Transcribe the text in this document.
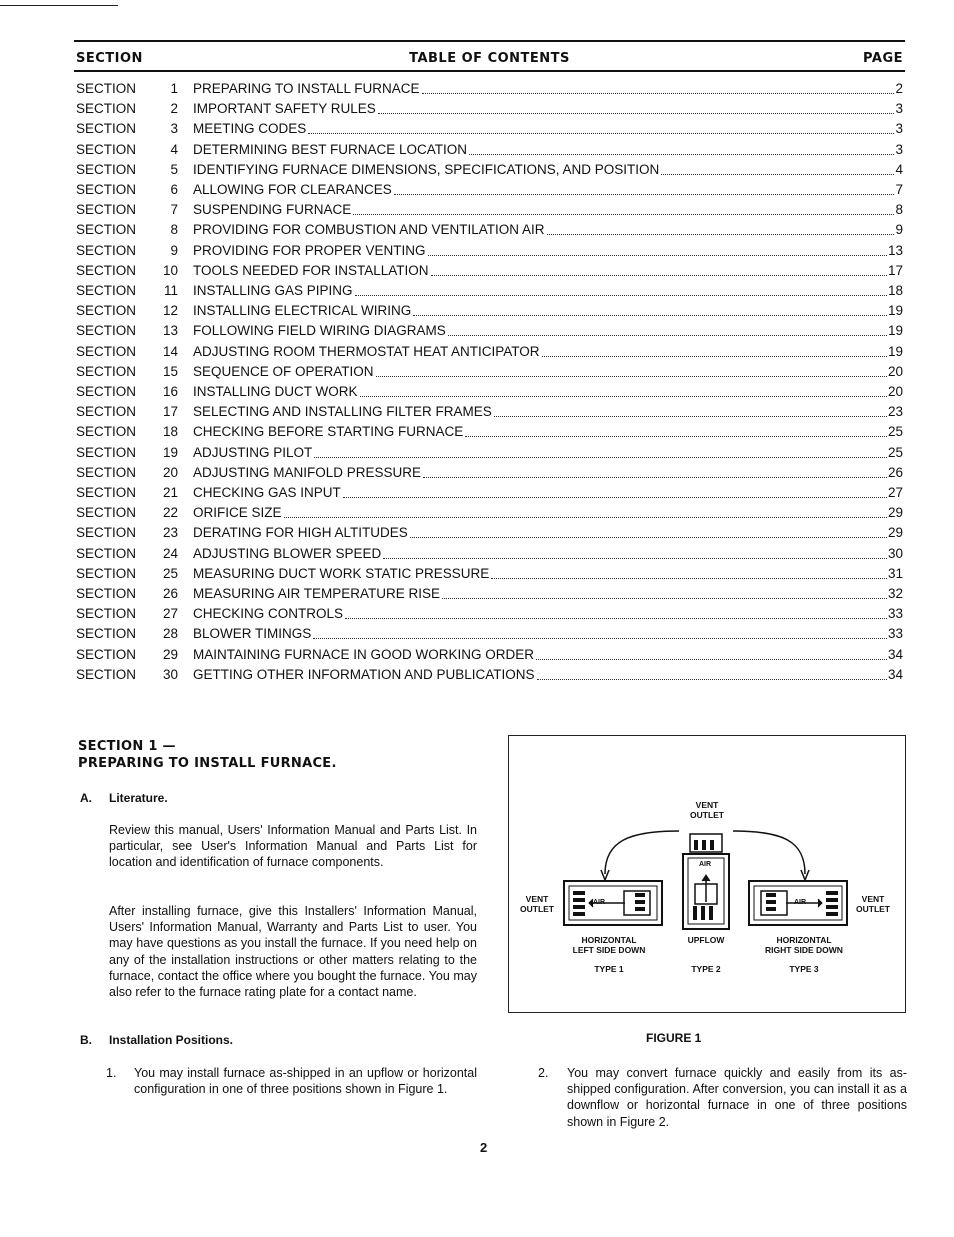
SECTION	TABLE OF CONTENTS	PAGE
SECTION	1 PREPARING TO INSTALL FURNACE	2
SECTION	2 IMPORTANT SAFETY RULES	3
SECTION	3 MEETING CODES	3
SECTION	4 DETERMINING BEST FURNACE LOCATION	3
SECTION	5 IDENTIFYING FURNACE DIMENSIONS, SPECIFICATIONS, AND POSITION	4
SECTION	6 ALLOWING FOR CLEARANCES	7
SECTION	7 SUSPENDING FURNACE	8
SECTION	8 PROVIDING FOR COMBUSTION AND VENTILATION AIR	9
SECTION	9 PROVIDING FOR PROPER VENTING	13
SECTION	10 TOOLS NEEDED FOR INSTALLATION	17
SECTION	11 INSTALLING GAS PIPING	18
SECTION	12 INSTALLING ELECTRICAL WIRING	19
SECTION	13 FOLLOWING FIELD WIRING DIAGRAMS	19
SECTION	14 ADJUSTING ROOM THERMOSTAT HEAT ANTICIPATOR	19
SECTION	15 SEQUENCE OF OPERATION	20
SECTION	16 INSTALLING DUCT WORK	20
SECTION	17 SELECTING AND INSTALLING FILTER FRAMES	23
SECTION	18 CHECKING BEFORE STARTING FURNACE	25
SECTION	19 ADJUSTING PILOT	25
SECTION	20 ADJUSTING MANIFOLD PRESSURE	26
SECTION	21 CHECKING GAS INPUT	27
SECTION	22 ORIFICE SIZE	29
SECTION	23 DERATING FOR HIGH ALTITUDES	29
SECTION	24 ADJUSTING BLOWER SPEED	30
SECTION	25 MEASURING DUCT WORK STATIC PRESSURE	31
SECTION	26 MEASURING AIR TEMPERATURE RISE	32
SECTION	27 CHECKING CONTROLS	33
SECTION	28 BLOWER TIMINGS	33
SECTION	29 MAINTAINING FURNACE IN GOOD WORKING ORDER	34
SECTION	30 GETTING OTHER INFORMATION AND PUBLICATIONS	34
SECTION 1 —
PREPARING TO INSTALL FURNACE.
A. Literature.
Review this manual, Users' Information Manual and Parts List. In particular, see User's Information Manual and Parts List for location and identification of furnace components.
After installing furnace, give this Installers' Information Manual, Users' Information Manual, Warranty and Parts List to user. You may have questions as you install the furnace. If you need help on any of the installation instructions or other matters relating to the furnace, contact the office where you bought the furnace. You may also refer to the furnace rating plate for a contact name.
B. Installation Positions.
1.	You may install furnace as-shipped in an upflow or horizontal configuration in one of three positions shown in Figure 1.
2.	You may convert furnace quickly and easily from its as-shipped configuration. After conversion, you can install it as a downflow or horizontal furnace in one of three positions shown in Figure 2.
VENT
OUTLET
VENT
OUTLET
VENT
OUTLET
AIR
AIR
AIR
HORIZONTAL
LEFT SIDE DOWN
TYPE 1
UPFLOW
TYPE 2
HORIZONTAL
RIGHT SIDE DOWN
TYPE 3
FIGURE 1
2
